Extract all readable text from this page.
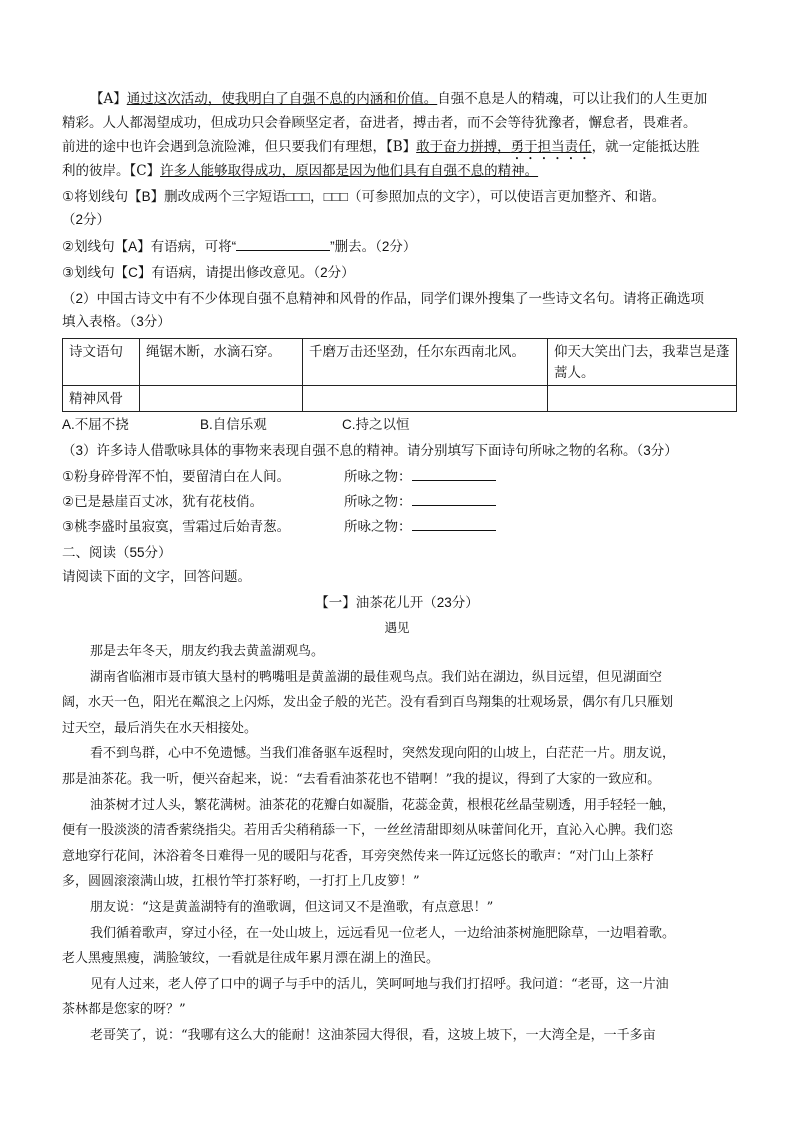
【A】通过这次活动，使我明白了自强不息的内涵和价值。自强不息是人的精魂，可以让我们的人生更加
精彩。人人都渴望成功，但成功只会眷顾坚定者，奋进者，搏击者，而不会等待犹豫者，懈怠者，畏难者。
前进的途中也许会遇到急流险滩，但只要我们有理想，【B】敢于奋力拼搏，勇于担当责任，就一定能抵达胜
利的彼岸。【C】许多人能够取得成功，原因都是因为他们具有自强不息的精神。
①将划线句【B】删改成两个三字短语□□□，□□□（可参照加点的文字），可以使语言更加整齐、和谐。
（2分）
②划线句【A】有语病，可将“	”删去。（2分）
③划线句【C】有语病，请提出修改意见。（2分）
（2）中国古诗文中有不少体现自强不息精神和风骨的作品，同学们课外搜集了一些诗文名句。请将正确选项
填入表格。（3分）
诗文语句	绳锯木断，水滴石穿。	千磨万击还坚劲，任尔东西南北风。	仰天大笑出门去，我辈岂是蓬蒿人。
精神风骨			
A.不屈不挠	B.自信乐观	C.持之以恒
（3）许多诗人借歌咏具体的事物来表现自强不息的精神。请分别填写下面诗句所咏之物的名称。（3分）
①粉身碎骨浑不怕，要留清白在人间。	所咏之物：
②已是悬崖百丈冰，犹有花枝俏。	所咏之物：
③桃李盛时虽寂寞，雪霜过后始青葱。	所咏之物：
二、阅读（55分）
请阅读下面的文字，回答问题。
【一】油茶花儿开（23分）
遇见
那是去年冬天，朋友约我去黄盖湖观鸟。
湖南省临湘市聂市镇大垦村的鸭嘴咀是黄盖湖的最佳观鸟点。我们站在湖边，纵目远望，但见湖面空
阔，水天一色，阳光在粼浪之上闪烁，发出金子般的光芒。没有看到百鸟翔集的壮观场景，偶尔有几只雁划
过天空，最后消失在水天相接处。
看不到鸟群，心中不免遗憾。当我们准备驱车返程时，突然发现向阳的山坡上，白茫茫一片。朋友说，
那是油茶花。我一听，便兴奋起来，说：“去看看油茶花也不错啊！”我的提议，得到了大家的一致应和。
油茶树才过人头，繁花满树。油茶花的花瓣白如凝脂，花蕊金黄，根根花丝晶莹剔透，用手轻轻一触，
便有一股淡淡的清香萦绕指尖。若用舌尖稍稍舔一下，一丝丝清甜即刻从味蕾间化开，直沁入心脾。我们恣
意地穿行花间，沐浴着冬日难得一见的暖阳与花香，耳旁突然传来一阵辽远悠长的歌声：“对门山上茶籽
多，圆圆滚滚满山坡，扛根竹竿打茶籽哟，一打打上几皮箩！”
朋友说：“这是黄盖湖特有的渔歌调，但这词又不是渔歌，有点意思！”
我们循着歌声，穿过小径，在一处山坡上，远远看见一位老人，一边给油茶树施肥除草，一边唱着歌。
老人黑瘦黑瘦，满脸皱纹，一看就是往成年累月漂在湖上的渔民。
见有人过来，老人停了口中的调子与手中的活儿，笑呵呵地与我们打招呼。我问道：“老哥，这一片油
茶林都是您家的呀？”
老哥笑了，说：“我哪有这么大的能耐！这油茶园大得很，看，这坡上坡下，一大湾全是，一千多亩
